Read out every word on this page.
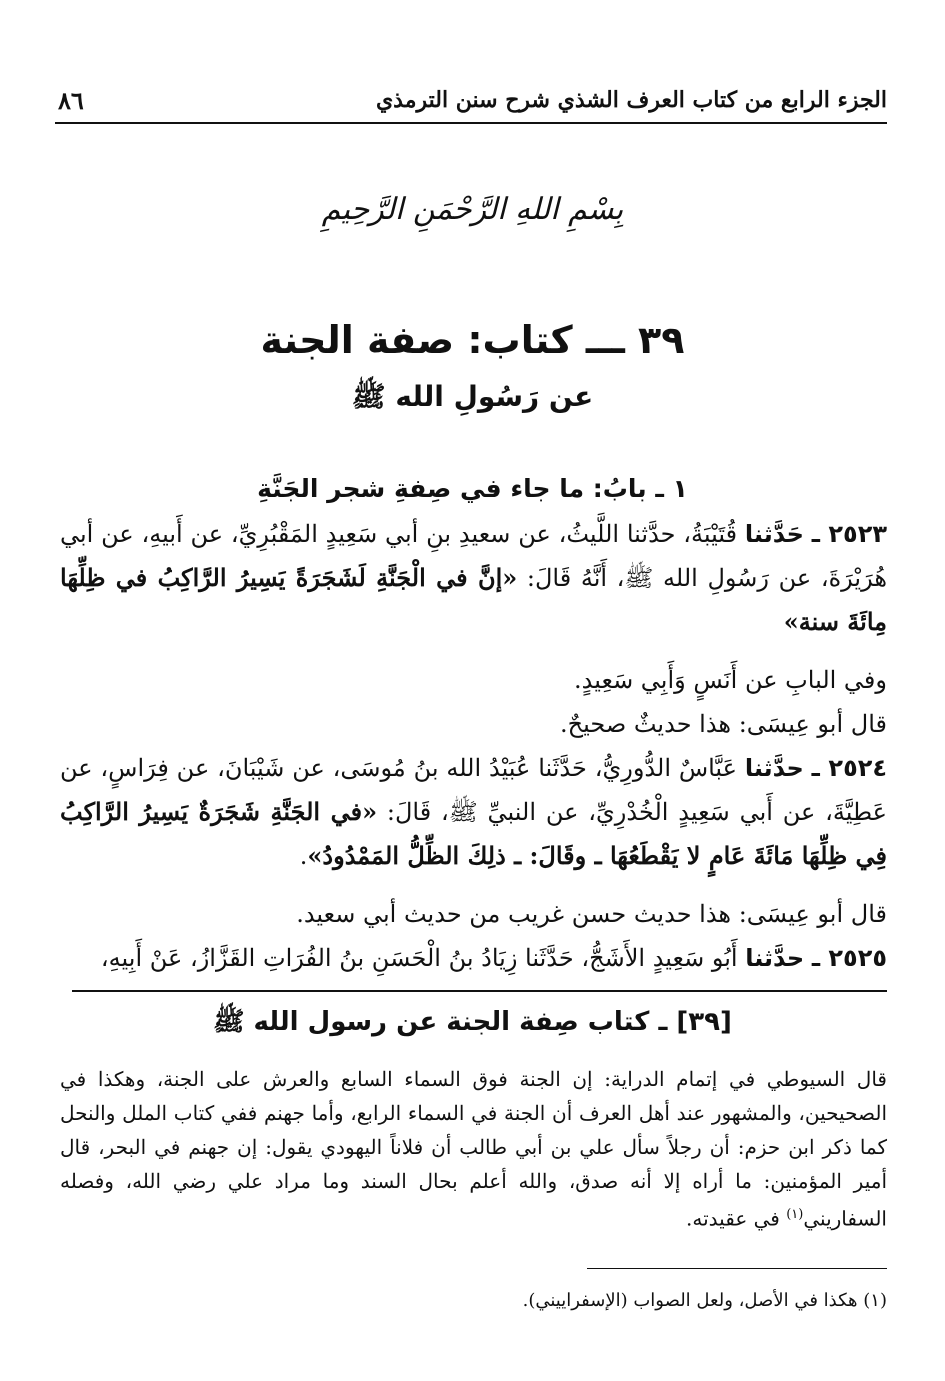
الجزء الرابع من كتاب العرف الشذي شرح سنن الترمذي
٨٦
بِسْمِ اللهِ الرَّحْمَنِ الرَّحِيمِ
٣٩ ـــ كتاب: صفة الجنة
عن رَسُولِ الله ﷺ
١ ـ بابُ: ما جاء في صِفةِ شجر الجَنَّةِ

٢٥٢٣ ـ حَدَّثنا قُتَيْبَةُ، حدَّثنا اللَّيثُ، عن سعيدِ بنِ أبي سَعِيدٍ المَقْبُرِيِّ، عن أَبيهِ، عن أبي هُرَيْرَةَ، عن رَسُولِ الله ﷺ، أَنَّهُ قَالَ: «إنَّ في الْجَنَّةِ لَشَجَرَةً يَسِيرُ الرَّاكِبُ في ظِلِّهَا مِائَةَ سنة»

وفي البابِ عن أَنَسٍ وَأَبِي سَعِيدٍ.

قال أبو عِيسَى: هذا حديثٌ صحيحٌ.

٢٥٢٤ ـ حدَّثنا عَبَّاسٌ الدُّورِيُّ، حَدَّثَنا عُبَيْدُ الله بنُ مُوسَى، عن شَيْبَانَ، عن فِرَاسٍ، عن عَطِيَّةَ، عن أَبي سَعِيدٍ الْخُدْرِيِّ، عن النبيِّ ﷺ، قَالَ: «في الجَنَّةِ شَجَرَةٌ يَسِيرُ الرَّاكِبُ فِي ظِلِّهَا مَائَةَ عَامٍ لا يَقْطَعُهَا ـ وقَالَ: ـ ذلِكَ الظِّلُّ المَمْدُودُ».

قال أبو عِيسَى: هذا حديث حسن غريب من حديث أبي سعيد.

٢٥٢٥ ـ حدَّثنا أَبُو سَعِيدٍ الأَشَجُّ، حَدَّثَنا زِيَادُ بنُ الْحَسَنِ بنُ الفُرَاتِ القَزَّازُ، عَنْ أَبِيهِ،

[٣٩] ـ كتاب صِفة الجنة عن رسول الله ﷺ

قال السيوطي في إتمام الدراية: إن الجنة فوق السماء السابع والعرش على الجنة، وهكذا في الصحيحين، والمشهور عند أهل العرف أن الجنة في السماء الرابع، وأما جهنم ففي كتاب الملل والنحل كما ذكر ابن حزم: أن رجلاً سأل علي بن أبي طالب أن فلاناً اليهودي يقول: إن جهنم في البحر، قال أمير المؤمنين: ما أراه إلا أنه صدق، والله أعلم بحال السند وما مراد علي رضي الله، وفصله السفاريني$^{(١)}$ في عقيدته.

(١) هكذا في الأصل، ولعل الصواب (الإسفراييني).
